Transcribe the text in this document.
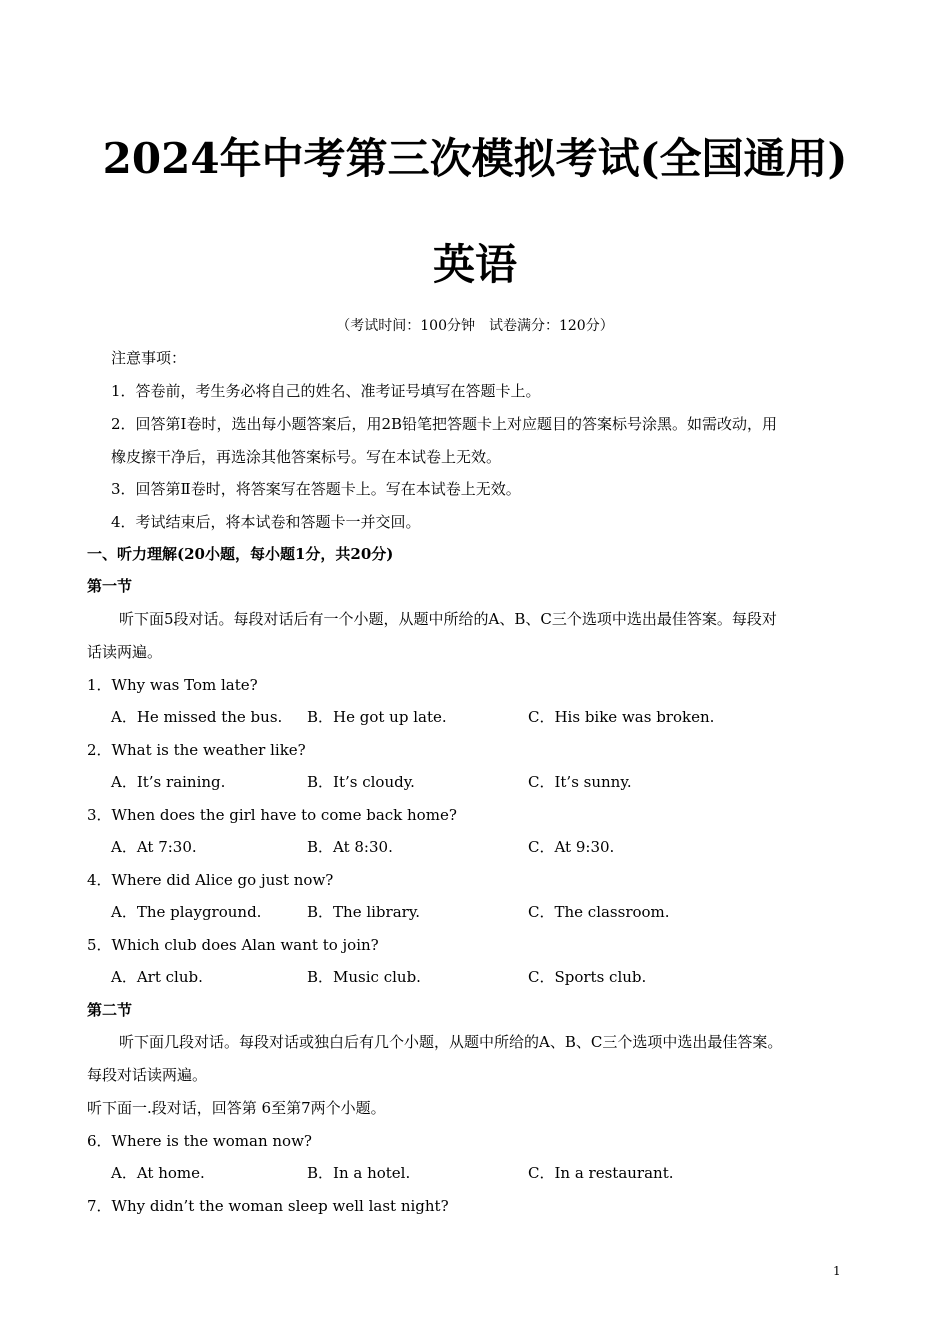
2024年中考第三次模拟考试(全国通用)
英语
（考试时间：100分钟　试卷满分：120分）
注意事项：
1．答卷前，考生务必将自己的姓名、准考证号填写在答题卡上。
2．回答第Ⅰ卷时，选出每小题答案后，用2B铅笔把答题卡上对应题目的答案标号涂黑。如需改动，用
橡皮擦干净后，再选涂其他答案标号。写在本试卷上无效。
3．回答第Ⅱ卷时，将答案写在答题卡上。写在本试卷上无效。
4．考试结束后，将本试卷和答题卡一并交回。
一、听力理解(20小题，每小题1分，共20分)
第一节
听下面5段对话。每段对话后有一个小题，从题中所给的A、B、C三个选项中选出最佳答案。每段对
话读两遍。
1．Why was Tom late?
A．He missed the bus. B．He got up late.	C．His bike was broken.
2．What is the weather like?
A．It’s raining.	B．It’s cloudy.	C．It’s sunny.
3．When does the girl have to come back home?
A．At 7:30.	B．At 8:30.	C．At 9:30.
4．Where did Alice go just now?
A．The playground.	B．The library.	C．The classroom.
5．Which club does Alan want to join?
A．Art club.	B．Music club.	C．Sports club.
第二节
听下面几段对话。每段对话或独白后有几个小题，从题中所给的A、B、C三个选项中选出最佳答案。
每段对话读两遍。
听下面一.段对话，回答第 6至第7两个小题。
6．Where is the woman now?
A．At home.	B．In a hotel.	C．In a restaurant.
7．Why didn’t the woman sleep well last night?
1
